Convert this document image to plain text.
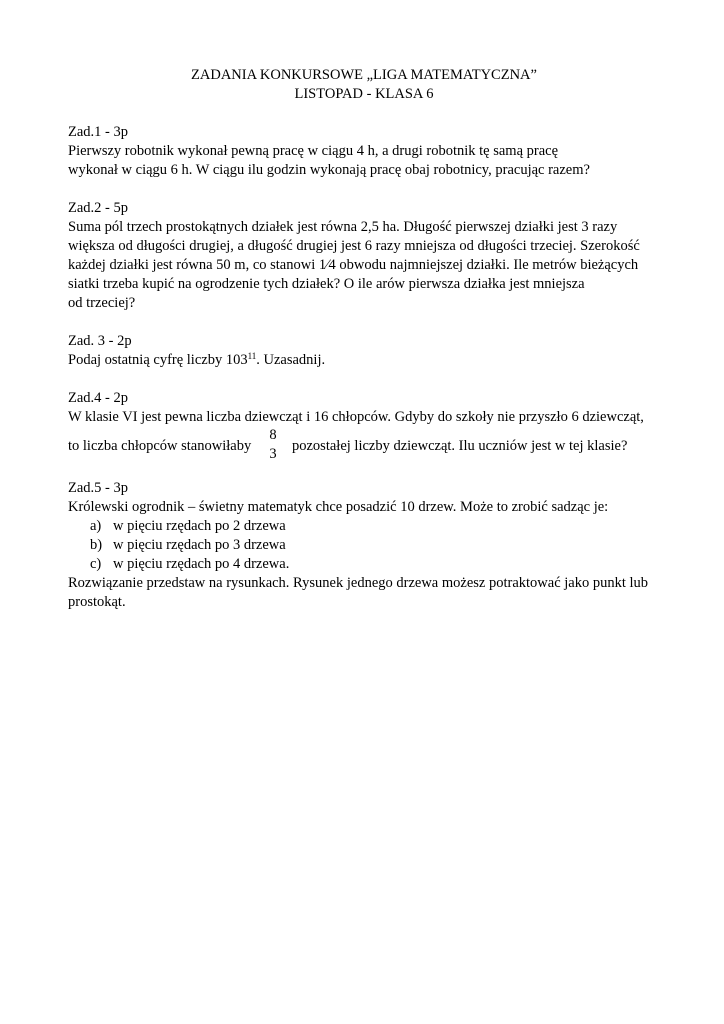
ZADANIA KONKURSOWE „LIGA MATEMATYCZNA”
LISTOPAD - KLASA 6
Zad.1 - 3p
Pierwszy robotnik wykonał pewną pracę w ciągu 4 h, a drugi robotnik tę samą pracę
wykonał w ciągu 6 h. W ciągu ilu godzin wykonają pracę obaj robotnicy, pracując razem?
Zad.2 - 5p
Suma pól trzech prostokątnych działek jest równa 2,5 ha. Długość pierwszej działki jest 3 razy
większa od długości drugiej, a długość drugiej jest 6 razy mniejsza od długości trzeciej. Szerokość
każdej działki jest równa 50 m, co stanowi 1⁄4 obwodu najmniejszej działki. Ile metrów bieżących
siatki trzeba kupić na ogrodzenie tych działek? O ile arów pierwsza działka jest mniejsza
od trzeciej?
Zad. 3 - 2p
Podaj ostatnią cyfrę liczby $103^{11}$. Uzasadnij.
Zad.4 - 2p
W klasie VI jest pewna liczba dziewcząt i 16 chłopców. Gdyby do szkoły nie przyszło 6 dziewcząt,
to liczba chłopców stanowiłaby
8
3 pozostałej liczby dziewcząt. Ilu uczniów jest w tej klasie?
Zad.5 - 3p
Królewski ogrodnik – świetny matematyk chce posadzić 10 drzew. Może to zrobić sadząc je:
a) w pięciu rzędach po 2 drzewa
b) w pięciu rzędach po 3 drzewa
c) w pięciu rzędach po 4 drzewa.
Rozwiązanie przedstaw na rysunkach. Rysunek jednego drzewa możesz potraktować jako punkt lub
prostokąt.
